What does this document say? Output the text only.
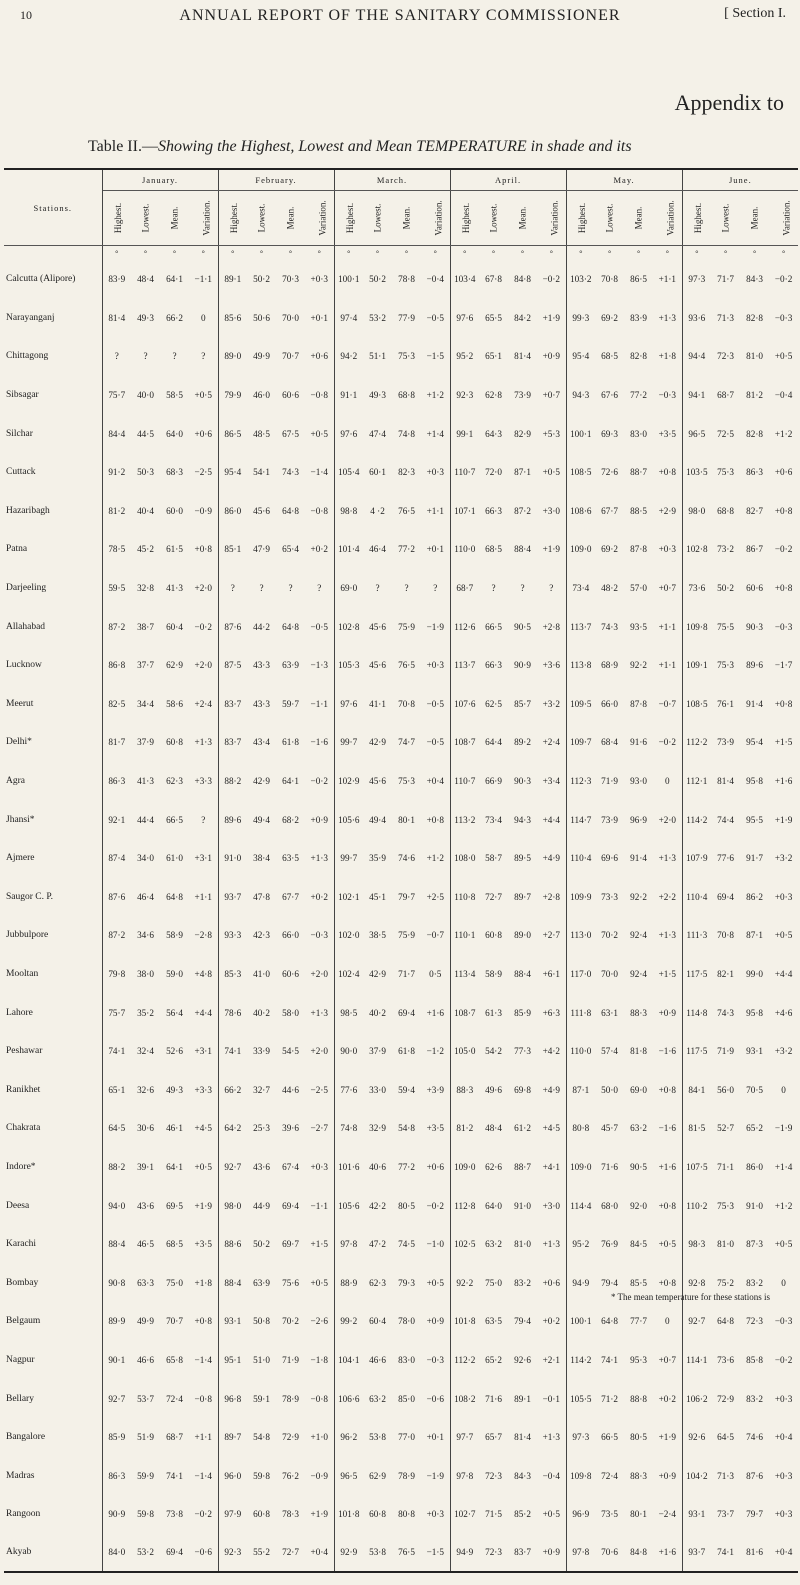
10	ANNUAL REPORT OF THE SANITARY COMMISSIONER	[ Section I.
Appendix to
Table II.—Showing the Highest, Lowest and Mean TEMPERATURE in shade and its
Stations.	January.				February.				March.				April.				May.				June.			
	Highest.	Lowest.	Mean.	Variation.	Highest.	Lowest.	Mean.	Variation.	Highest.	Lowest.	Mean.	Variation.	Highest.	Lowest.	Mean.	Variation.	Highest.	Lowest.	Mean.	Variation.	Highest.	Lowest.	Mean.	Variation.
	°	°	°	°	°	°	°	°	°	°	°	°	°	°	°	°	°	°	°	°	°	°	°	°
Calcutta (Alipore)	83·9	48·4	64·1	−1·1	89·1	50·2	70·3	+0·3	100·1	50·2	78·8	−0·4	103·4	67·8	84·8	−0·2	103·2	70·8	86·5	+1·1	97·3	71·7	84·3	−0·2
Narayanganj	81·4	49·3	66·2	0	85·6	50·6	70·0	+0·1	97·4	53·2	77·9	−0·5	97·6	65·5	84·2	+1·9	99·3	69·2	83·9	+1·3	93·6	71·3	82·8	−0·3
Chittagong	?	?	?	?	89·0	49·9	70·7	+0·6	94·2	51·1	75·3	−1·5	95·2	65·1	81·4	+0·9	95·4	68·5	82·8	+1·8	94·4	72·3	81·0	+0·5
Sibsagar	75·7	40·0	58·5	+0·5	79·9	46·0	60·6	−0·8	91·1	49·3	68·8	+1·2	92·3	62·8	73·9	+0·7	94·3	67·6	77·2	−0·3	94·1	68·7	81·2	−0·4
Silchar	84·4	44·5	64·0	+0·6	86·5	48·5	67·5	+0·5	97·6	47·4	74·8	+1·4	99·1	64·3	82·9	+5·3	100·1	69·3	83·0	+3·5	96·5	72·5	82·8	+1·2
Cuttack	91·2	50·3	68·3	−2·5	95·4	54·1	74·3	−1·4	105·4	60·1	82·3	+0·3	110·7	72·0	87·1	+0·5	108·5	72·6	88·7	+0·8	103·5	75·3	86·3	+0·6
Hazaribagh	81·2	40·4	60·0	−0·9	86·0	45·6	64·8	−0·8	98·8	4 ·2	76·5	+1·1	107·1	66·3	87·2	+3·0	108·6	67·7	88·5	+2·9	98·0	68·8	82·7	+0·8
Patna	78·5	45·2	61·5	+0·8	85·1	47·9	65·4	+0·2	101·4	46·4	77·2	+0·1	110·0	68·5	88·4	+1·9	109·0	69·2	87·8	+0·3	102·8	73·2	86·7	−0·2
Darjeeling	59·5	32·8	41·3	+2·0	?	?	?	?	69·0	?	?	?	68·7	?	?	?	73·4	48·2	57·0	+0·7	73·6	50·2	60·6	+0·8
Allahabad	87·2	38·7	60·4	−0·2	87·6	44·2	64·8	−0·5	102·8	45·6	75·9	−1·9	112·6	66·5	90·5	+2·8	113·7	74·3	93·5	+1·1	109·8	75·5	90·3	−0·3
Lucknow	86·8	37·7	62·9	+2·0	87·5	43·3	63·9	−1·3	105·3	45·6	76·5	+0·3	113·7	66·3	90·9	+3·6	113·8	68·9	92·2	+1·1	109·1	75·3	89·6	−1·7
Meerut	82·5	34·4	58·6	+2·4	83·7	43·3	59·7	−1·1	97·6	41·1	70·8	−0·5	107·6	62·5	85·7	+3·2	109·5	66·0	87·8	−0·7	108·5	76·1	91·4	+0·8
Delhi*	81·7	37·9	60·8	+1·3	83·7	43·4	61·8	−1·6	99·7	42·9	74·7	−0·5	108·7	64·4	89·2	+2·4	109·7	68·4	91·6	−0·2	112·2	73·9	95·4	+1·5
Agra	86·3	41·3	62·3	+3·3	88·2	42·9	64·1	−0·2	102·9	45·6	75·3	+0·4	110·7	66·9	90·3	+3·4	112·3	71·9	93·0	0	112·1	81·4	95·8	+1·6
Jhansi*	92·1	44·4	66·5	?	89·6	49·4	68·2	+0·9	105·6	49·4	80·1	+0·8	113·2	73·4	94·3	+4·4	114·7	73·9	96·9	+2·0	114·2	74·4	95·5	+1·9
Ajmere	87·4	34·0	61·0	+3·1	91·0	38·4	63·5	+1·3	99·7	35·9	74·6	+1·2	108·0	58·7	89·5	+4·9	110·4	69·6	91·4	+1·3	107·9	77·6	91·7	+3·2
Saugor C. P.	87·6	46·4	64·8	+1·1	93·7	47·8	67·7	+0·2	102·1	45·1	79·7	+2·5	110·8	72·7	89·7	+2·8	109·9	73·3	92·2	+2·2	110·4	69·4	86·2	+0·3
Jubbulpore	87·2	34·6	58·9	−2·8	93·3	42·3	66·0	−0·3	102·0	38·5	75·9	−0·7	110·1	60·8	89·0	+2·7	113·0	70·2	92·4	+1·3	111·3	70·8	87·1	+0·5
Mooltan	79·8	38·0	59·0	+4·8	85·3	41·0	60·6	+2·0	102·4	42·9	71·7	0·5	113·4	58·9	88·4	+6·1	117·0	70·0	92·4	+1·5	117·5	82·1	99·0	+4·4
Lahore	75·7	35·2	56·4	+4·4	78·6	40·2	58·0	+1·3	98·5	40·2	69·4	+1·6	108·7	61·3	85·9	+6·3	111·8	63·1	88·3	+0·9	114·8	74·3	95·8	+4·6
Peshawar	74·1	32·4	52·6	+3·1	74·1	33·9	54·5	+2·0	90·0	37·9	61·8	−1·2	105·0	54·2	77·3	+4·2	110·0	57·4	81·8	−1·6	117·5	71·9	93·1	+3·2
Ranikhet	65·1	32·6	49·3	+3·3	66·2	32·7	44·6	−2·5	77·6	33·0	59·4	+3·9	88·3	49·6	69·8	+4·9	87·1	50·0	69·0	+0·8	84·1	56·0	70·5	0
Chakrata	64·5	30·6	46·1	+4·5	64·2	25·3	39·6	−2·7	74·8	32·9	54·8	+3·5	81·2	48·4	61·2	+4·5	80·8	45·7	63·2	−1·6	81·5	52·7	65·2	−1·9
Indore*	88·2	39·1	64·1	+0·5	92·7	43·6	67·4	+0·3	101·6	40·6	77·2	+0·6	109·0	62·6	88·7	+4·1	109·0	71·6	90·5	+1·6	107·5	71·1	86·0	+1·4
Deesa	94·0	43·6	69·5	+1·9	98·0	44·9	69·4	−1·1	105·6	42·2	80·5	−0·2	112·8	64·0	91·0	+3·0	114·4	68·0	92·0	+0·8	110·2	75·3	91·0	+1·2
Karachi	88·4	46·5	68·5	+3·5	88·6	50·2	69·7	+1·5	97·8	47·2	74·5	−1·0	102·5	63·2	81·0	+1·3	95·2	76·9	84·5	+0·5	98·3	81·0	87·3	+0·5
Bombay	90·8	63·3	75·0	+1·8	88·4	63·9	75·6	+0·5	88·9	62·3	79·3	+0·5	92·2	75·0	83·2	+0·6	94·9	79·4	85·5	+0·8	92·8	75·2	83·2	0
Belgaum	89·9	49·9	70·7	+0·8	93·1	50·8	70·2	−2·6	99·2	60·4	78·0	+0·9	101·8	63·5	79·4	+0·2	100·1	64·8	77·7	0	92·7	64·8	72·3	−0·3
Nagpur	90·1	46·6	65·8	−1·4	95·1	51·0	71·9	−1·8	104·1	46·6	83·0	−0·3	112·2	65·2	92·6	+2·1	114·2	74·1	95·3	+0·7	114·1	73·6	85·8	−0·2
Bellary	92·7	53·7	72·4	−0·8	96·8	59·1	78·9	−0·8	106·6	63·2	85·0	−0·6	108·2	71·6	89·1	−0·1	105·5	71·2	88·8	+0·2	106·2	72·9	83·2	+0·3
Bangalore	85·9	51·9	68·7	+1·1	89·7	54·8	72·9	+1·0	96·2	53·8	77·0	+0·1	97·7	65·7	81·4	+1·3	97·3	66·5	80·5	+1·9	92·6	64·5	74·6	+0·4
Madras	86·3	59·9	74·1	−1·4	96·0	59·8	76·2	−0·9	96·5	62·9	78·9	−1·9	97·8	72·3	84·3	−0·4	109·8	72·4	88·3	+0·9	104·2	71·3	87·6	+0·3
Rangoon	90·9	59·8	73·8	−0·2	97·9	60·8	78·3	+1·9	101·8	60·8	80·8	+0·3	102·7	71·5	85·2	+0·5	96·9	73·5	80·1	−2·4	93·1	73·7	79·7	+0·3
Akyab	84·0	53·2	69·4	−0·6	92·3	55·2	72·7	+0·4	92·9	53·8	76·5	−1·5	94·9	72·3	83·7	+0·9	97·8	70·6	84·8	+1·6	93·7	74·1	81·6	+0·4

* The mean temperature for these stations is
